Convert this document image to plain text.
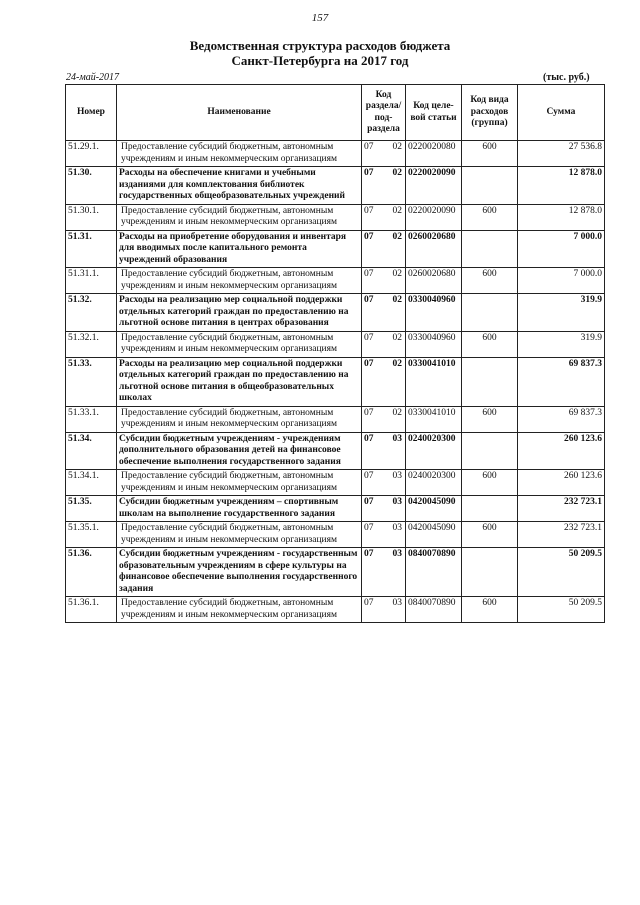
157
Ведомственная структура расходов бюджета
Санкт-Петербурга на 2017 год
24-май-2017	(тыс. руб.)
Номер	Наименование	Код раздела/ под- раздела	Код целе- вой статьи	Код вида расходов (группа)	Сумма
51.29.1.	Предоставление субсидий бюджетным, автономным учреждениям и иным некоммерческим организациям	07 02	0220020080	600	27 536.8
51.30.	Расходы на обеспечение книгами и учебными изданиями для комплектования библиотек государственных общеобразовательных учреждений	07 02	0220020090		12 878.0
51.30.1.	Предоставление субсидий бюджетным, автономным учреждениям и иным некоммерческим организациям	07 02	0220020090	600	12 878.0
51.31.	Расходы на приобретение оборудования и инвентаря для вводимых после капитального ремонта учреждений образования	07 02	0260020680		7 000.0
51.31.1.	Предоставление субсидий бюджетным, автономным учреждениям и иным некоммерческим организациям	07 02	0260020680	600	7 000.0
51.32.	Расходы на реализацию мер социальной поддержки отдельных категорий граждан по предоставлению на льготной основе питания в центрах образования	07 02	0330040960		319.9
51.32.1.	Предоставление субсидий бюджетным, автономным учреждениям и иным некоммерческим организациям	07 02	0330040960	600	319.9
51.33.	Расходы на реализацию мер социальной поддержки отдельных категорий граждан по предоставлению на льготной основе питания в общеобразовательных школах	07 02	0330041010		69 837.3
51.33.1.	Предоставление субсидий бюджетным, автономным учреждениям и иным некоммерческим организациям	07 02	0330041010	600	69 837.3
51.34.	Субсидии бюджетным учреждениям - учреждениям дополнительного образования детей на финансовое обеспечение выполнения государственного задания	07 03	0240020300		260 123.6
51.34.1.	Предоставление субсидий бюджетным, автономным учреждениям и иным некоммерческим организациям	07 03	0240020300	600	260 123.6
51.35.	Субсидии бюджетным учреждениям – спортивным школам на выполнение государственного задания	07 03	0420045090		232 723.1
51.35.1.	Предоставление субсидий бюджетным, автономным учреждениям и иным некоммерческим организациям	07 03	0420045090	600	232 723.1
51.36.	Субсидии бюджетным учреждениям - государственным образовательным учреждениям в сфере культуры на финансовое обеспечение выполнения государственного задания	07 03	0840070890		50 209.5
51.36.1.	Предоставление субсидий бюджетным, автономным учреждениям и иным некоммерческим организациям	07 03	0840070890	600	50 209.5
